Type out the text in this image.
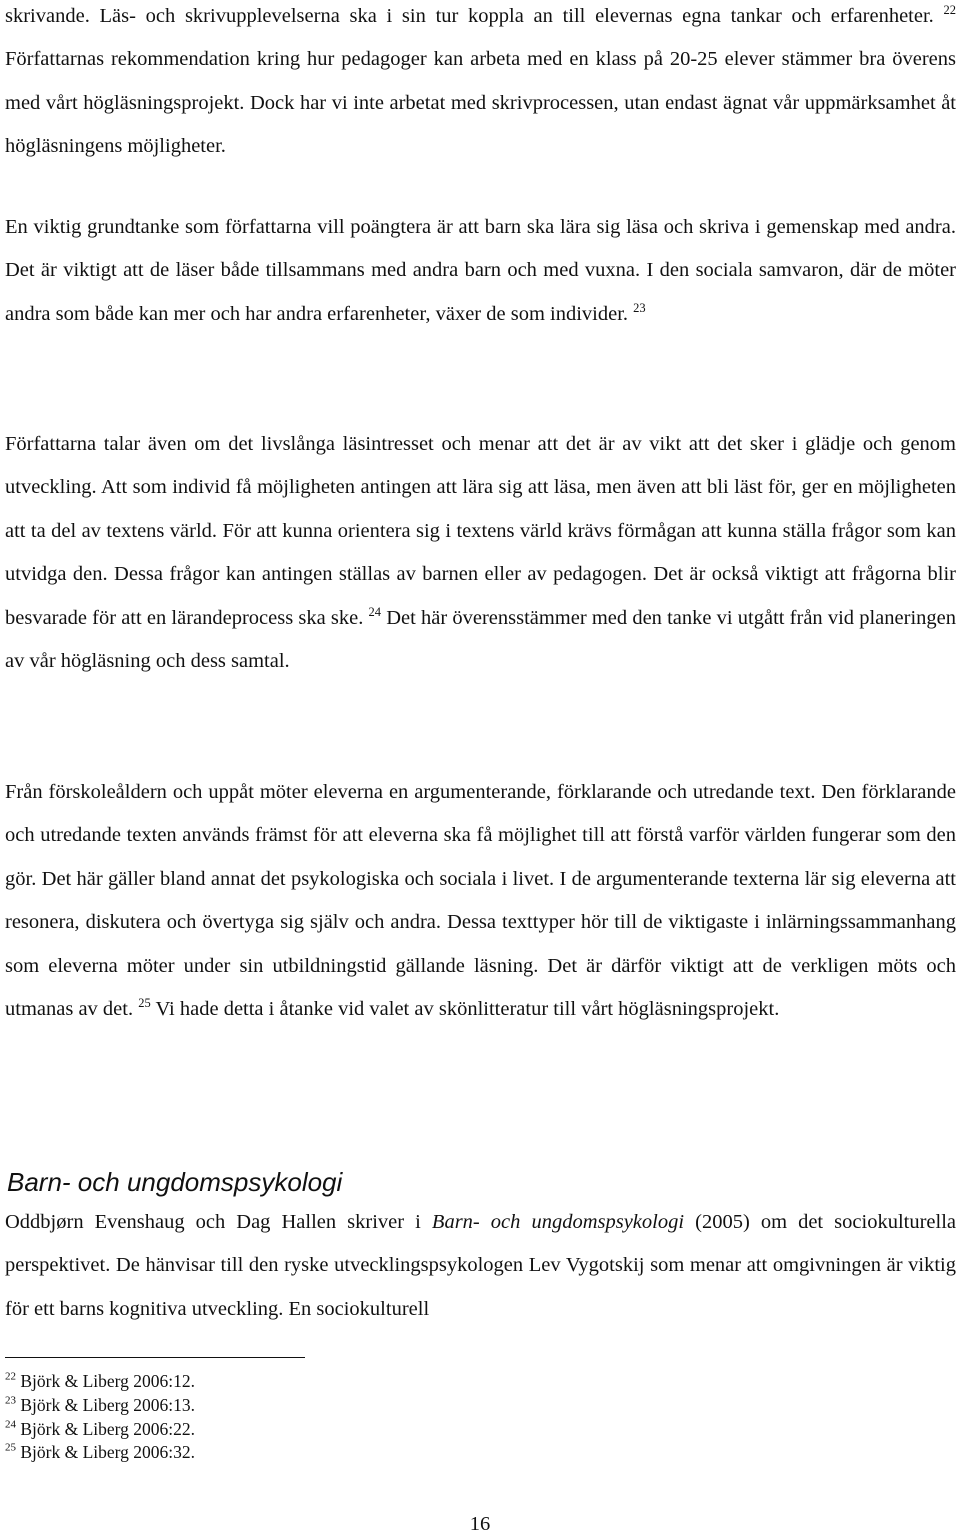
skrivande. Läs- och skrivupplevelserna ska i sin tur koppla an till elevernas egna tankar och erfarenheter. $^{22}$ Författarnas rekommendation kring hur pedagoger kan arbeta med en klass på 20-25 elever stämmer bra överens med vårt högläsningsprojekt. Dock har vi inte arbetat med skrivprocessen, utan endast ägnat vår uppmärksamhet åt högläsningens möjligheter.
En viktig grundtanke som författarna vill poängtera är att barn ska lära sig läsa och skriva i gemenskap med andra. Det är viktigt att de läser både tillsammans med andra barn och med vuxna. I den sociala samvaron, där de möter andra som både kan mer och har andra erfarenheter, växer de som individer. $^{23}$
Författarna talar även om det livslånga läsintresset och menar att det är av vikt att det sker i glädje och genom utveckling. Att som individ få möjligheten antingen att lära sig att läsa, men även att bli läst för, ger en möjligheten att ta del av textens värld. För att kunna orientera sig i textens värld krävs förmågan att kunna ställa frågor som kan utvidga den. Dessa frågor kan antingen ställas av barnen eller av pedagogen. Det är också viktigt att frågorna blir besvarade för att en lärandeprocess ska ske. $^{24}$ Det här överensstämmer med den tanke vi utgått från vid planeringen av vår högläsning och dess samtal.
Från förskoleåldern och uppåt möter eleverna en argumenterande, förklarande och utredande text. Den förklarande och utredande texten används främst för att eleverna ska få möjlighet till att förstå varför världen fungerar som den gör. Det här gäller bland annat det psykologiska och sociala i livet. I de argumenterande texterna lär sig eleverna att resonera, diskutera och övertyga sig själv och andra. Dessa texttyper hör till de viktigaste i inlärningssammanhang som eleverna möter under sin utbildningstid gällande läsning. Det är därför viktigt att de verkligen möts och utmanas av det. $^{25}$ Vi hade detta i åtanke vid valet av skönlitteratur till vårt högläsningsprojekt.
Barn- och ungdomspsykologi
Oddbjørn Evenshaug och Dag Hallen skriver i Barn- och ungdomspsykologi (2005) om det sociokulturella perspektivet. De hänvisar till den ryske utvecklingspsykologen Lev Vygotskij som menar att omgivningen är viktig för ett barns kognitiva utveckling. En sociokulturell
$^{22}$ Björk & Liberg 2006:12.
$^{23}$ Björk & Liberg 2006:13.
$^{24}$ Björk & Liberg 2006:22.
$^{25}$ Björk & Liberg 2006:32.
16
